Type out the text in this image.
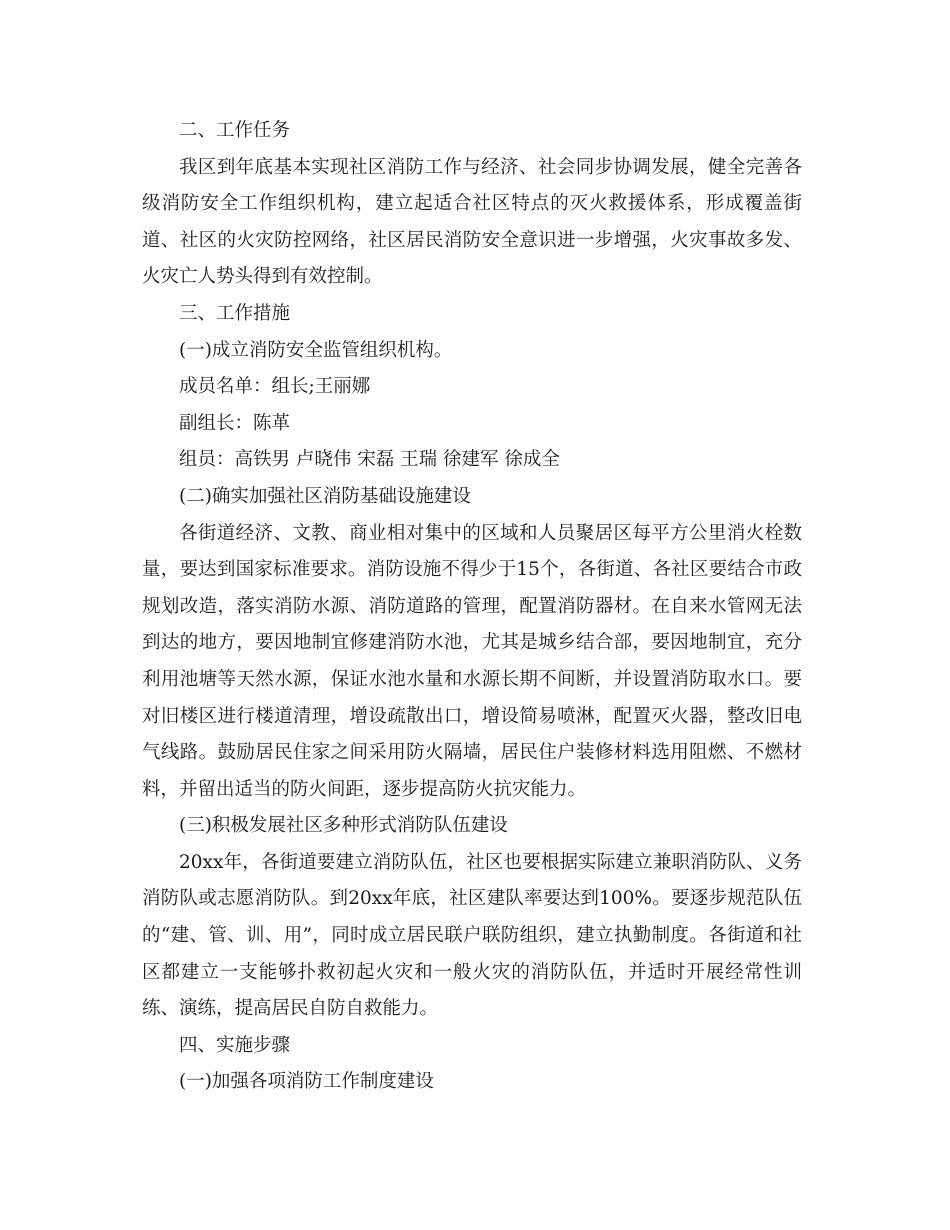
二、工作任务

我区到年底基本实现社区消防工作与经济、社会同步协调发展，健全完善各级消防安全工作组织机构，建立起适合社区特点的灭火救援体系，形成覆盖街道、社区的火灾防控网络，社区居民消防安全意识进一步增强，火灾事故多发、火灾亡人势头得到有效控制。

三、工作措施

(一)成立消防安全监管组织机构。

成员名单：组长;王丽娜

副组长：陈革

组员：高铁男 卢晓伟 宋磊 王瑞 徐建军 徐成全

(二)确实加强社区消防基础设施建设

各街道经济、文教、商业相对集中的区域和人员聚居区每平方公里消火栓数量，要达到国家标准要求。消防设施不得少于15个，各街道、各社区要结合市政规划改造，落实消防水源、消防道路的管理，配置消防器材。在自来水管网无法到达的地方，要因地制宜修建消防水池，尤其是城乡结合部，要因地制宜，充分利用池塘等天然水源，保证水池水量和水源长期不间断，并设置消防取水口。要对旧楼区进行楼道清理，增设疏散出口，增设简易喷淋，配置灭火器，整改旧电气线路。鼓励居民住家之间采用防火隔墙，居民住户装修材料选用阻燃、不燃材料，并留出适当的防火间距，逐步提高防火抗灾能力。

(三)积极发展社区多种形式消防队伍建设

20xx年，各街道要建立消防队伍，社区也要根据实际建立兼职消防队、义务消防队或志愿消防队。到20xx年底，社区建队率要达到100%。要逐步规范队伍的“建、管、训、用”，同时成立居民联户联防组织，建立执勤制度。各街道和社区都建立一支能够扑救初起火灾和一般火灾的消防队伍，并适时开展经常性训练、演练，提高居民自防自救能力。

四、实施步骤

(一)加强各项消防工作制度建设
